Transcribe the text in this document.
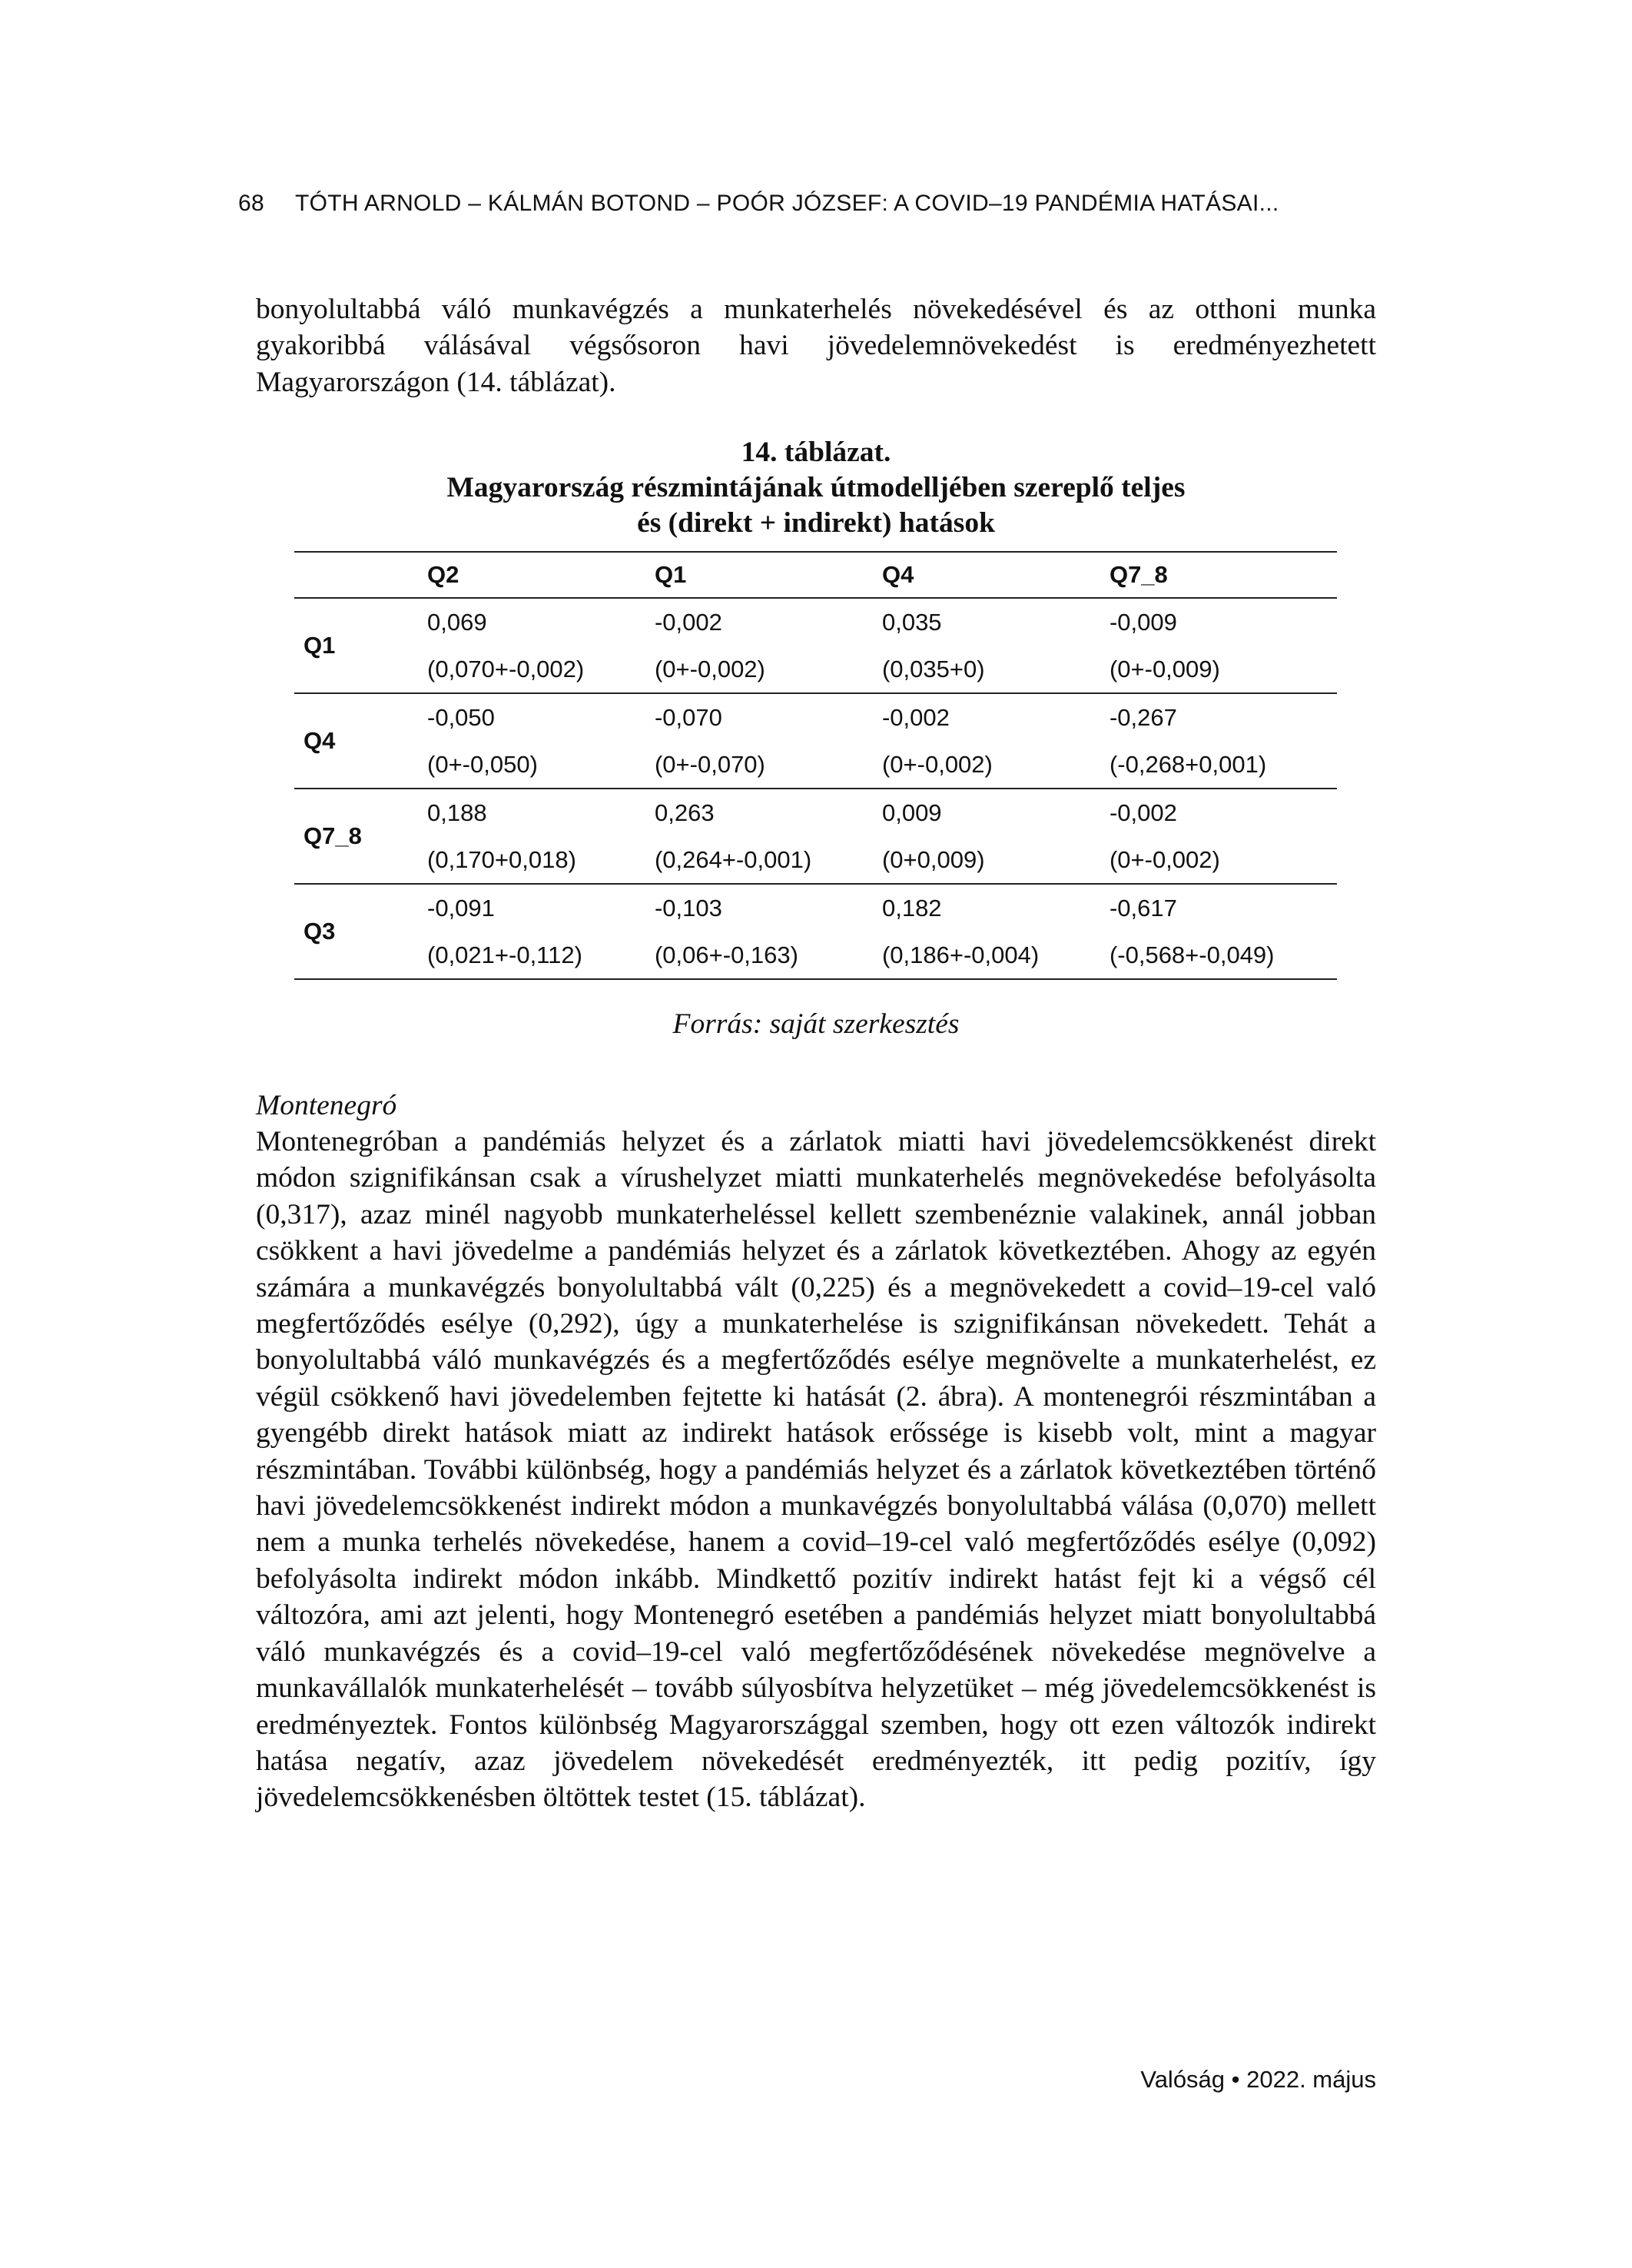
68 TÓTH ARNOLD – KÁLMÁN BOTOND – POÓR JÓZSEF: A COVID–19 PANDÉMIA HATÁSAI...

bonyolultabbá váló munkavégzés a munkaterhelés növekedésével és az otthoni munka gyakoribbá válásával végsősoron havi jövedelemnövekedést is eredményezhetett Magyarországon (14. táblázat).

14. táblázat.
Magyarország részmintájának útmodelljében szereplő teljes
és (direkt + indirekt) hatások
	Q2	Q1	Q4	Q7_8
Q1	0,069	-0,002	0,035	-0,009
	(0,070+-0,002)	(0+-0,002)	(0,035+0)	(0+-0,009)
Q4	-0,050	-0,070	-0,002	-0,267
	(0+-0,050)	(0+-0,070)	(0+-0,002)	(-0,268+0,001)
Q7_8	0,188	0,263	0,009	-0,002
	(0,170+0,018)	(0,264+-0,001)	(0+0,009)	(0+-0,002)
Q3	-0,091	-0,103	0,182	-0,617
	(0,021+-0,112)	(0,06+-0,163)	(0,186+-0,004)	(-0,568+-0,049)
Forrás: saját szerkesztés
Montenegró

Montenegróban a pandémiás helyzet és a zárlatok miatti havi jövedelemcsökkenést direkt módon szignifikánsan csak a vírushelyzet miatti munkaterhelés megnövekedése befolyásolta (0,317), azaz minél nagyobb munkaterheléssel kellett szembenéznie valakinek, annál jobban csökkent a havi jövedelme a pandémiás helyzet és a zárlatok következtében. Ahogy az egyén számára a munkavégzés bonyolultabbá vált (0,225) és a megnövekedett a covid–19-cel való megfertőződés esélye (0,292), úgy a munkaterhelése is szignifikánsan növekedett. Tehát a bonyolultabbá váló munkavégzés és a megfertőződés esélye megnövelte a munkaterhelést, ez végül csökkenő havi jövedelemben fejtette ki hatását (2. ábra). A montenegrói részmintában a gyengébb direkt hatások miatt az indirekt hatások erőssége is kisebb volt, mint a magyar részmintában. További különbség, hogy a pandémiás helyzet és a zárlatok következtében történő havi jövedelemcsökkenést indirekt módon a munkavégzés bonyolultabbá válása (0,070) mellett nem a munka terhelés növekedése, hanem a covid–19-cel való megfertőződés esélye (0,092) befolyásolta indirekt módon inkább. Mindkettő pozitív indirekt hatást fejt ki a végső cél változóra, ami azt jelenti, hogy Montenegró esetében a pandémiás helyzet miatt bonyolultabbá váló munkavégzés és a covid–19-cel való megfertőződésének növekedése megnövelve a munkavállalók munkaterhelését – tovább súlyosbítva helyzetüket – még jövedelemcsökkenést is eredményeztek. Fontos különbség Magyarországgal szemben, hogy ott ezen változók indirekt hatása negatív, azaz jövedelem növekedését eredményezték, itt pedig pozitív, így jövedelemcsökkenésben öltöttek testet (15. táblázat).

Valóság • 2022. május
